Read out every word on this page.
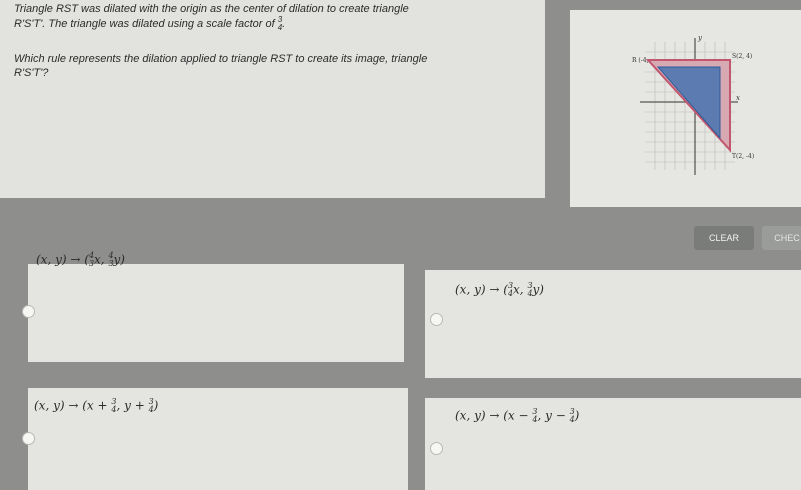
Triangle RST was dilated with the origin as the center of dilation to create triangle
R'S'T'. The triangle was dilated using a scale factor of 3
4.
Which rule represents the dilation applied to triangle RST to create its image, triangle
R'S'T'?
R (-4,
S(2, 4)
T(2, -4)
y
x
CLEAR	CHEC
(x, y) → (4
3x, 4
3y)
(x, y) → (3
4x, 3
4y)
(x, y) → (x + 3
4, y + 3
4)
(x, y) → (x − 3
4, y − 3
4)
